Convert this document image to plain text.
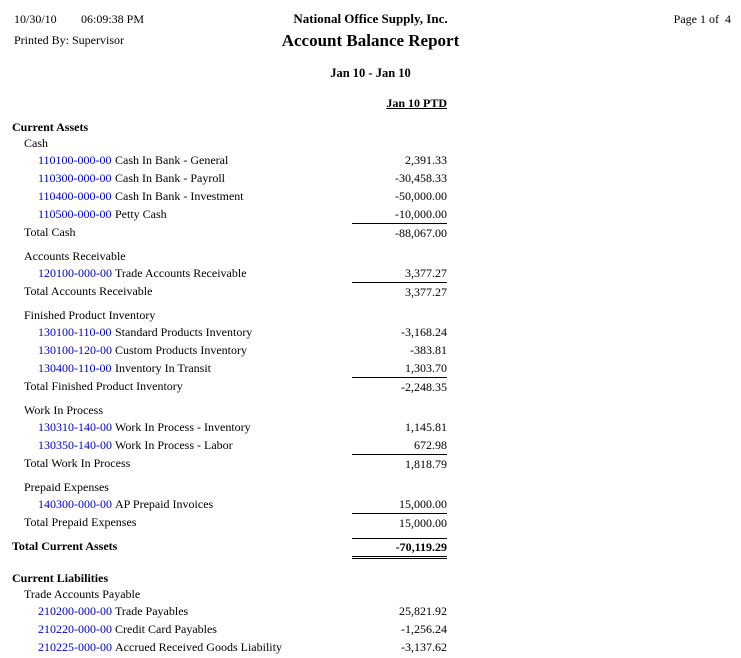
10/30/10 06:09:38 PM	National Office Supply, Inc.	Page 1 of  4
Printed By: Supervisor	Account Balance Report
Jan 10 - Jan 10
Jan 10 PTD
Current Assets
Cash
110100-000-00 Cash In Bank - General	2,391.33
110300-000-00 Cash In Bank - Payroll	-30,458.33
110400-000-00 Cash In Bank - Investment	-50,000.00
110500-000-00 Petty Cash	-10,000.00
Total Cash	-88,067.00
Accounts Receivable
120100-000-00 Trade Accounts Receivable	3,377.27
Total Accounts Receivable	3,377.27
Finished Product Inventory
130100-110-00 Standard Products Inventory	-3,168.24
130100-120-00 Custom Products Inventory	-383.81
130400-110-00 Inventory In Transit	1,303.70
Total Finished Product Inventory	-2,248.35
Work In Process
130310-140-00 Work In Process - Inventory	1,145.81
130350-140-00 Work In Process - Labor	672.98
Total Work In Process	1,818.79
Prepaid Expenses
140300-000-00 AP Prepaid Invoices	15,000.00
Total Prepaid Expenses	15,000.00
Total Current Assets	-70,119.29
Current Liabilities
Trade Accounts Payable
210200-000-00 Trade Payables	25,821.92
210220-000-00 Credit Card Payables	-1,256.24
210225-000-00 Accrued Received Goods Liability	-3,137.62
